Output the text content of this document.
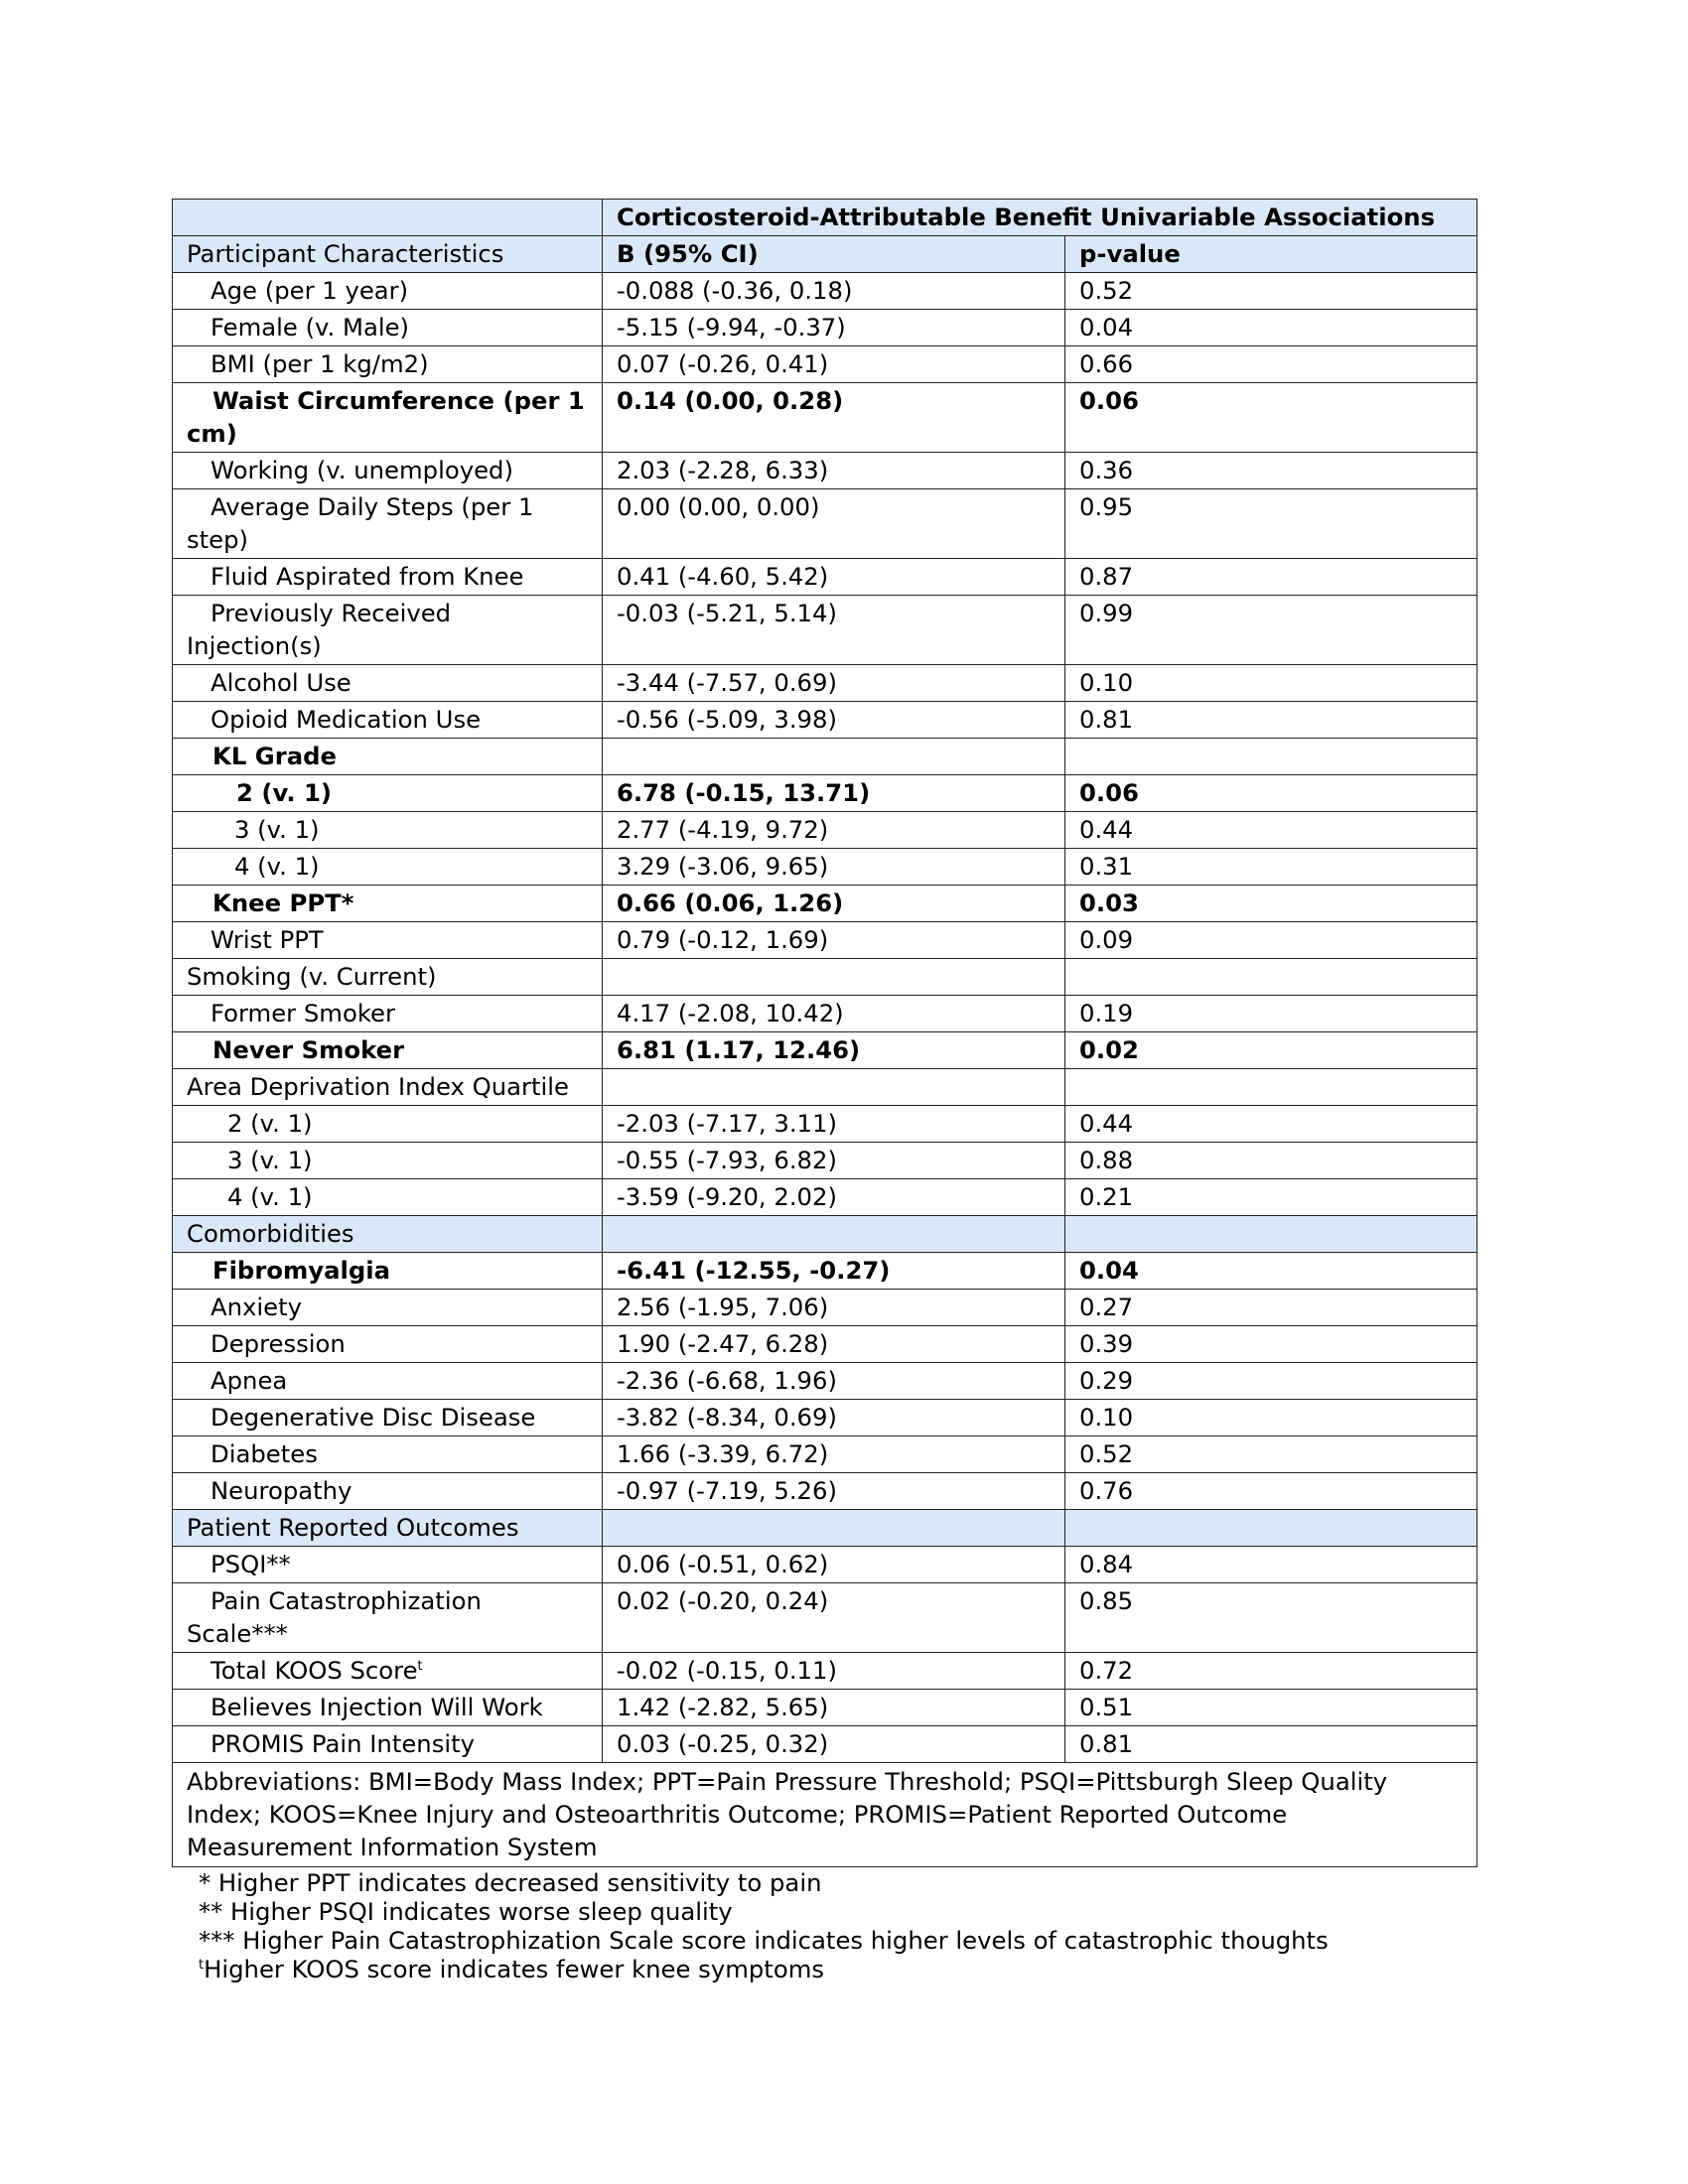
	Corticosteroid-Attributable Benefit Univariable Associations	
Participant Characteristics	B (95% CI)	p-value
Age (per 1 year)	-0.088 (-0.36, 0.18)	0.52
Female (v. Male)	-5.15 (-9.94, -0.37)	0.04
BMI (per 1 kg/m2)	0.07 (-0.26, 0.41)	0.66
Waist Circumference (per 1 cm)	0.14 (0.00, 0.28)	0.06
Working (v. unemployed)	2.03 (-2.28, 6.33)	0.36
Average Daily Steps (per 1 step)	0.00 (0.00, 0.00)	0.95
Fluid Aspirated from Knee	0.41 (-4.60, 5.42)	0.87
Previously Received Injection(s)	-0.03 (-5.21, 5.14)	0.99
Alcohol Use	-3.44 (-7.57, 0.69)	0.10
Opioid Medication Use	-0.56 (-5.09, 3.98)	0.81
KL Grade		
2 (v. 1)	6.78 (-0.15, 13.71)	0.06
3 (v. 1)	2.77 (-4.19, 9.72)	0.44
4 (v. 1)	3.29 (-3.06, 9.65)	0.31
Knee PPT*	0.66 (0.06, 1.26)	0.03
Wrist PPT	0.79 (-0.12, 1.69)	0.09
Smoking (v. Current)		
Former Smoker	4.17 (-2.08, 10.42)	0.19
Never Smoker	6.81 (1.17, 12.46)	0.02
Area Deprivation Index Quartile		
2 (v. 1)	-2.03 (-7.17, 3.11)	0.44
3 (v. 1)	-0.55 (-7.93, 6.82)	0.88
4 (v. 1)	-3.59 (-9.20, 2.02)	0.21
Comorbidities		
Fibromyalgia	-6.41 (-12.55, -0.27)	0.04
Anxiety	2.56 (-1.95, 7.06)	0.27
Depression	1.90 (-2.47, 6.28)	0.39
Apnea	-2.36 (-6.68, 1.96)	0.29
Degenerative Disc Disease	-3.82 (-8.34, 0.69)	0.10
Diabetes	1.66 (-3.39, 6.72)	0.52
Neuropathy	-0.97 (-7.19, 5.26)	0.76
Patient Reported Outcomes		
PSQI**	0.06 (-0.51, 0.62)	0.84
Pain Catastrophization Scale***	0.02 (-0.20, 0.24)	0.85
Total KOOS Score$^t$	-0.02 (-0.15, 0.11)	0.72
Believes Injection Will Work	1.42 (-2.82, 5.65)	0.51
PROMIS Pain Intensity	0.03 (-0.25, 0.32)	0.81
Abbreviations: BMI=Body Mass Index; PPT=Pain Pressure Threshold; PSQI=Pittsburgh Sleep Quality Index; KOOS=Knee Injury and Osteoarthritis Outcome; PROMIS=Patient Reported Outcome Measurement Information System		
* Higher PPT indicates decreased sensitivity to pain
** Higher PSQI indicates worse sleep quality
*** Higher Pain Catastrophization Scale score indicates higher levels of catastrophic thoughts
$^t$Higher KOOS score indicates fewer knee symptoms
